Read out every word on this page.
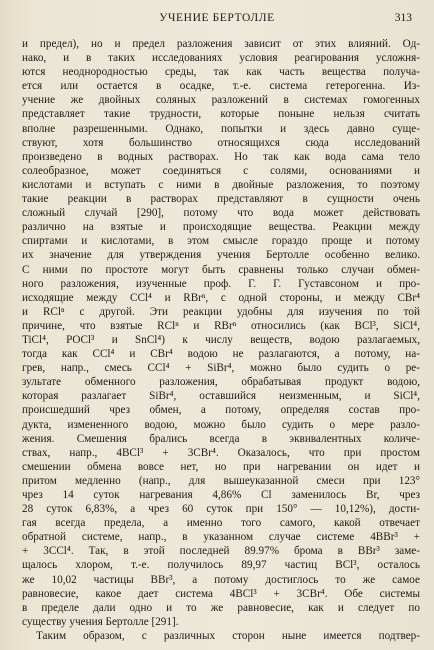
УЧЕНИЕ БЕРТОЛЛЕ	313
и предел), но и предел разложения зависит от этих влияний. Од-
нако, и в таких исследованиях условия реагирования усложня-
ются неоднородностью среды, так как часть вещества получа-
ется или остается в осадке, т.-е. система гетерогенна. Из-
учение же двойных соляных разложений в системах гомогенных
представляет такие трудности, которые поныне нельзя считать
вполне разрешенными. Однако, попытки и здесь давно суще-
ствуют, хотя большинство относящихся сюда исследований
произведено в водных растворах. Но так как вода сама тело
солеобразное, может соединяться с солями, основаниями и
кислотами и вступать с ними в двойные разложения, то поэтому
такие реакции в растворах представляют в сущности очень
сложный случай [290], потому что вода может действовать
различно на взятые и происходящие вещества. Реакции между
спиртами и кислотами, в этом смысле гораздо проще и потому
их значение для утверждения учения Бертолле особенно велико.
С ними по простоте могут быть сравнены только случаи обмен-
ного разложения, изученные проф. Г. Г. Густавсоном и про-
исходящие между CCl⁴ и RBrⁿ, с одной стороны, и между CBr⁴
и RClⁿ с другой. Эти реакции удобны для изучения по той
причине, что взятые RClⁿ и RBrⁿ относились (как BCl³, SiCl⁴,
TiCl⁴, POCl³ и SnCl⁴) к числу веществ, водою разлагаемых,
тогда как CCl⁴ и CBr⁴ водою не разлагаются, а потому, на-
грев, напр., смесь CCl⁴ + SiBr⁴, можно было судить о ре-
зультате обменного разложения, обрабатывая продукт водою,
которая разлагает SiBr⁴, оставшийся неизменным, и SiCl⁴,
происшедший чрез обмен, а потому, определяя состав про-
дукта, измененного водою, можно было судить о мере разло-
жения. Смешения брались всегда в эквивалентных количе-
ствах, напр., 4BCl³ + 3CBr⁴. Оказалось, что при простом
смешении обмена вовсе нет, но при нагревании он идет и
притом медленно (напр., для вышеуказанной смеси при 123°
чрез 14 суток нагревания 4,86% Cl заменилось Br, чрез
28 суток 6,83%, а чрез 60 суток при 150° — 10,12%), дости-
гая всегда предела, а именно того самого, какой отвечает
обратной системе, напр., в указанном случае системе 4BBr³ +
+ 3CCl⁴. Так, в этой последней 89.97% брома в BBr³ заме-
щалось хлором, т.-е. получилось 89,97 частиц BCl³, осталось
же 10,02 частицы BBr³, а потому достиглось то же самое
равновесие, какое дает система 4BCl³ + 3CBr⁴. Обе системы
в пределе дали одно и то же равновесие, как и следует по
существу учения Бертолле [291].
Таким образом, с различных сторон ныне имеется подтвер-
